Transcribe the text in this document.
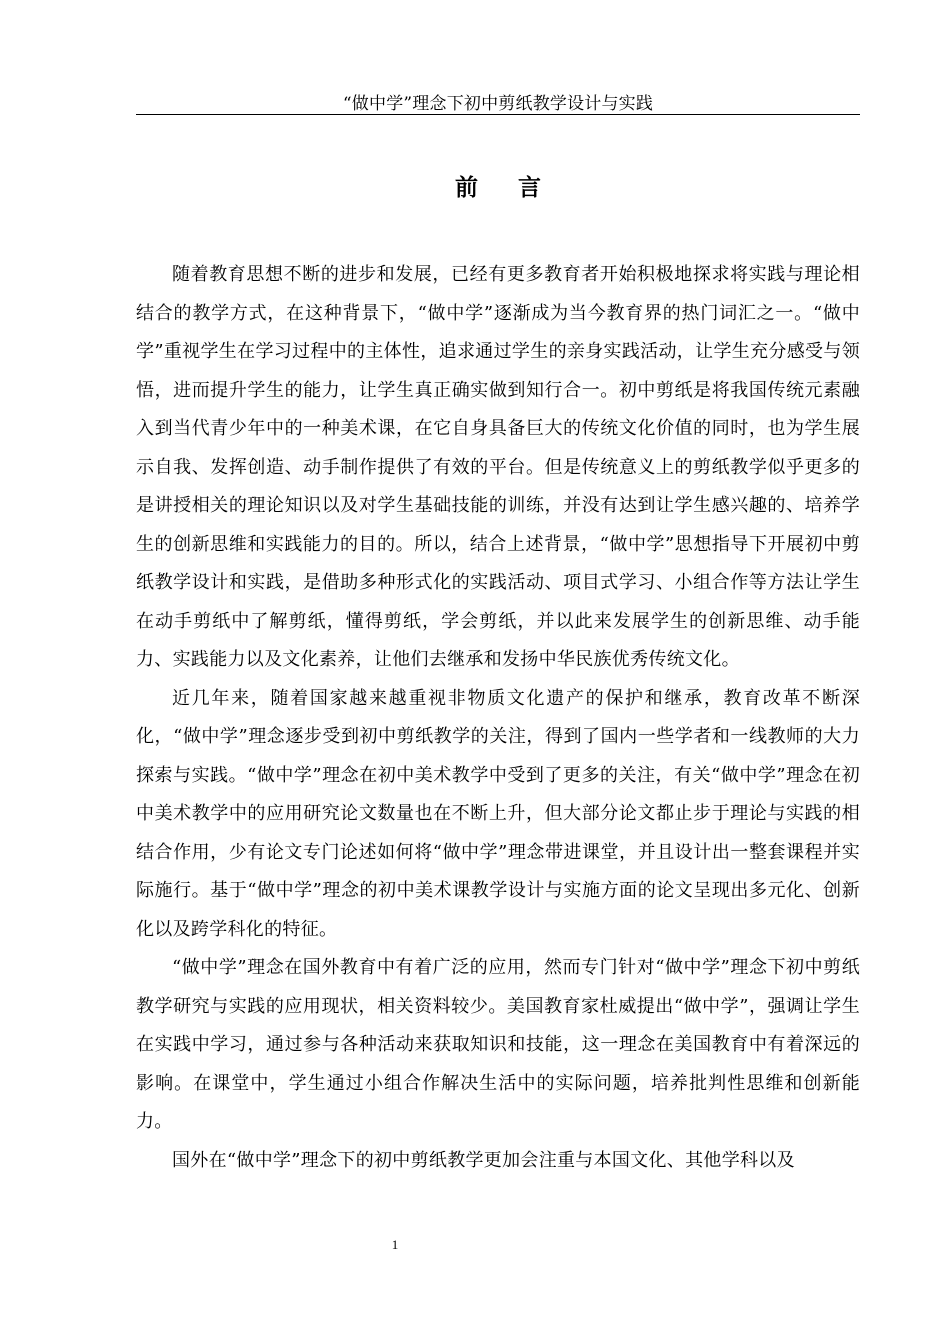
“做中学”理念下初中剪纸教学设计与实践
前言

随着教育思想不断的进步和发展，已经有更多教育者开始积极地探求将实践与理论相结合的教学方式，在这种背景下，“做中学”逐渐成为当今教育界的热门词汇之一。“做中学”重视学生在学习过程中的主体性，追求通过学生的亲身实践活动，让学生充分感受与领悟，进而提升学生的能力，让学生真正确实做到知行合一。初中剪纸是将我国传统元素融入到当代青少年中的一种美术课，在它自身具备巨大的传统文化价值的同时，也为学生展示自我、发挥创造、动手制作提供了有效的平台。但是传统意义上的剪纸教学似乎更多的是讲授相关的理论知识以及对学生基础技能的训练，并没有达到让学生感兴趣的、培养学生的创新思维和实践能力的目的。所以，结合上述背景，“做中学”思想指导下开展初中剪纸教学设计和实践，是借助多种形式化的实践活动、项目式学习、小组合作等方法让学生在动手剪纸中了解剪纸，懂得剪纸，学会剪纸，并以此来发展学生的创新思维、动手能力、实践能力以及文化素养，让他们去继承和发扬中华民族优秀传统文化。

近几年来，随着国家越来越重视非物质文化遗产的保护和继承，教育改革不断深化，“做中学”理念逐步受到初中剪纸教学的关注，得到了国内一些学者和一线教师的大力探索与实践。“做中学”理念在初中美术教学中受到了更多的关注，有关“做中学”理念在初中美术教学中的应用研究论文数量也在不断上升，但大部分论文都止步于理论与实践的相结合作用，少有论文专门论述如何将“做中学”理念带进课堂，并且设计出一整套课程并实际施行。基于“做中学”理念的初中美术课教学设计与实施方面的论文呈现出多元化、创新化以及跨学科化的特征。

“做中学”理念在国外教育中有着广泛的应用，然而专门针对“做中学”理念下初中剪纸教学研究与实践的应用现状，相关资料较少。美国教育家杜威提出“做中学”，强调让学生在实践中学习，通过参与各种活动来获取知识和技能，这一理念在美国教育中有着深远的影响。在课堂中，学生通过小组合作解决生活中的实际问题，培养批判性思维和创新能力。

国外在“做中学”理念下的初中剪纸教学更加会注重与本国文化、其他学科以及

1
